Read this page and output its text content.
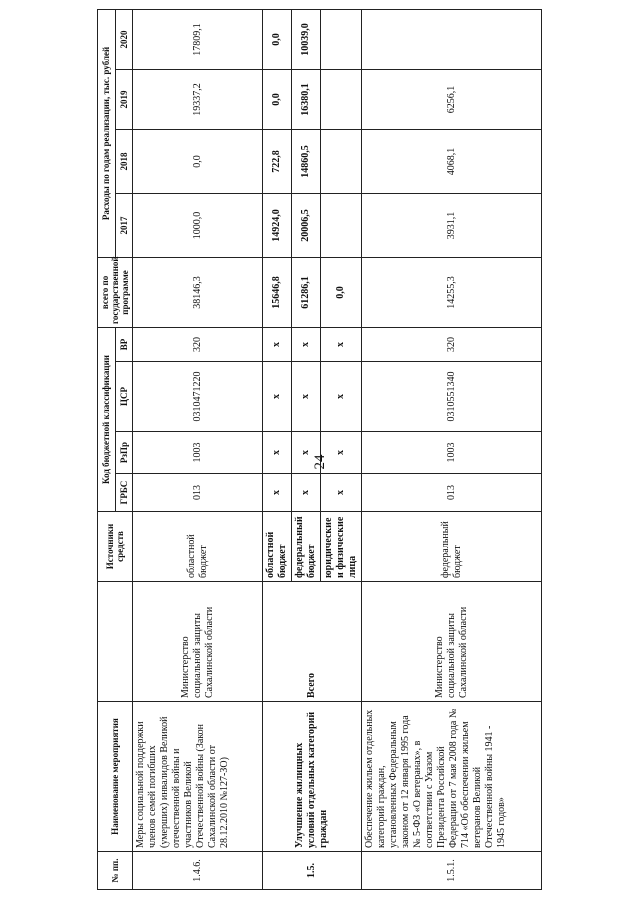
24
№ пп.	Наименование мероприятия		Источники средств	Код бюджетной классификации				всего по государственной программе	Расходы по годам реализации, тыс. рублей			
				ГРБС	РзПр	ЦСР	ВР		2017	2018	2019	2020
1.4.6.	Меры социальной поддержки членов семей погибших (умерших) инвалидов Великой отечественной войны и участников Великой Отечественной войны (Закон Сахалинской области от 28.12.2010 №127-ЗО)	Министерство социальной защиты Сахалинской области	областной бюджет	013	1003	0310471220	320	38146,3	1000,0	0,0	19337,2	17809,1
1.5.	Улучшение жилищных условий отдельных категорий граждан	Всего	областной бюджет	х	х	х	х	15646,8	14924,0	722,8	0,0	0,0
			федеральный бюджет	х	х	х	х	61286,1	20006,5	14860,5	16380,1	10039,0
			юридические и физические лица	х	х	х	х	0,0				
1.5.1.	Обеспечение жильем отдельных категорий граждан, установленных Федеральным законом от 12 января 1995 года № 5-ФЗ «О ветеранах», в соответствии с Указом Президента Российской Федерации от 7 мая 2008 года № 714 «Об обеспечении жильем ветеранов Великой Отечественной войны 1941 - 1945 годов»	Министерство социальной защиты Сахалинской области	федеральный бюджет	013	1003	0310551340	320	14255,3	3931,1	4068,1	6256,1	
